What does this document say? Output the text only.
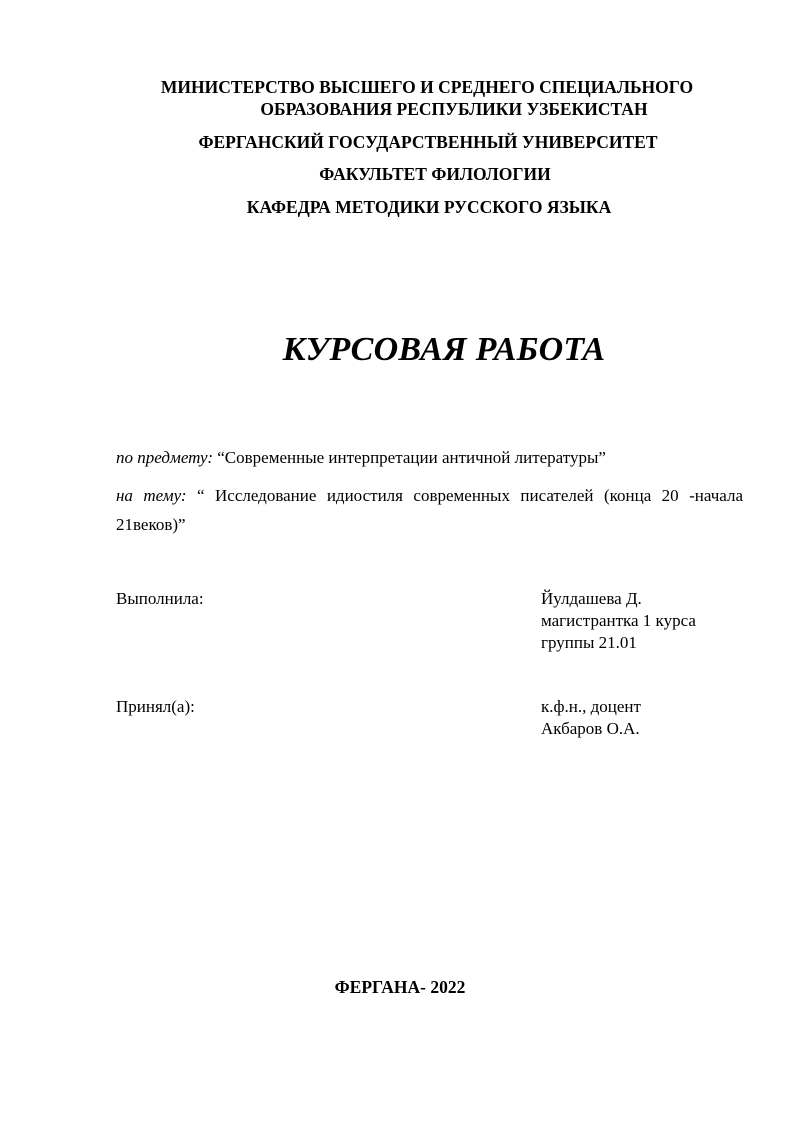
МИНИСТЕРСТВО ВЫСШЕГО И СРЕДНЕГО СПЕЦИАЛЬНОГО
ОБРАЗОВАНИЯ РЕСПУБЛИКИ УЗБЕКИСТАН
ФЕРГАНСКИЙ ГОСУДАРСТВЕННЫЙ УНИВЕРСИТЕТ
ФАКУЛЬТЕТ ФИЛОЛОГИИ
КАФЕДРА МЕТОДИКИ РУССКОГО ЯЗЫКА
КУРСОВАЯ РАБОТА
по предмету: “Современные интерпретации античной литературы”
на тему: “ Исследование идиостиля современных писателей (конца 20 -начала 21веков)”
Выполнила:	Йулдашева Д.
магистрантка 1 курса
группы 21.01
Принял(а):	к.ф.н., доцент
Акбаров О.А.
ФЕРГАНА- 2022
